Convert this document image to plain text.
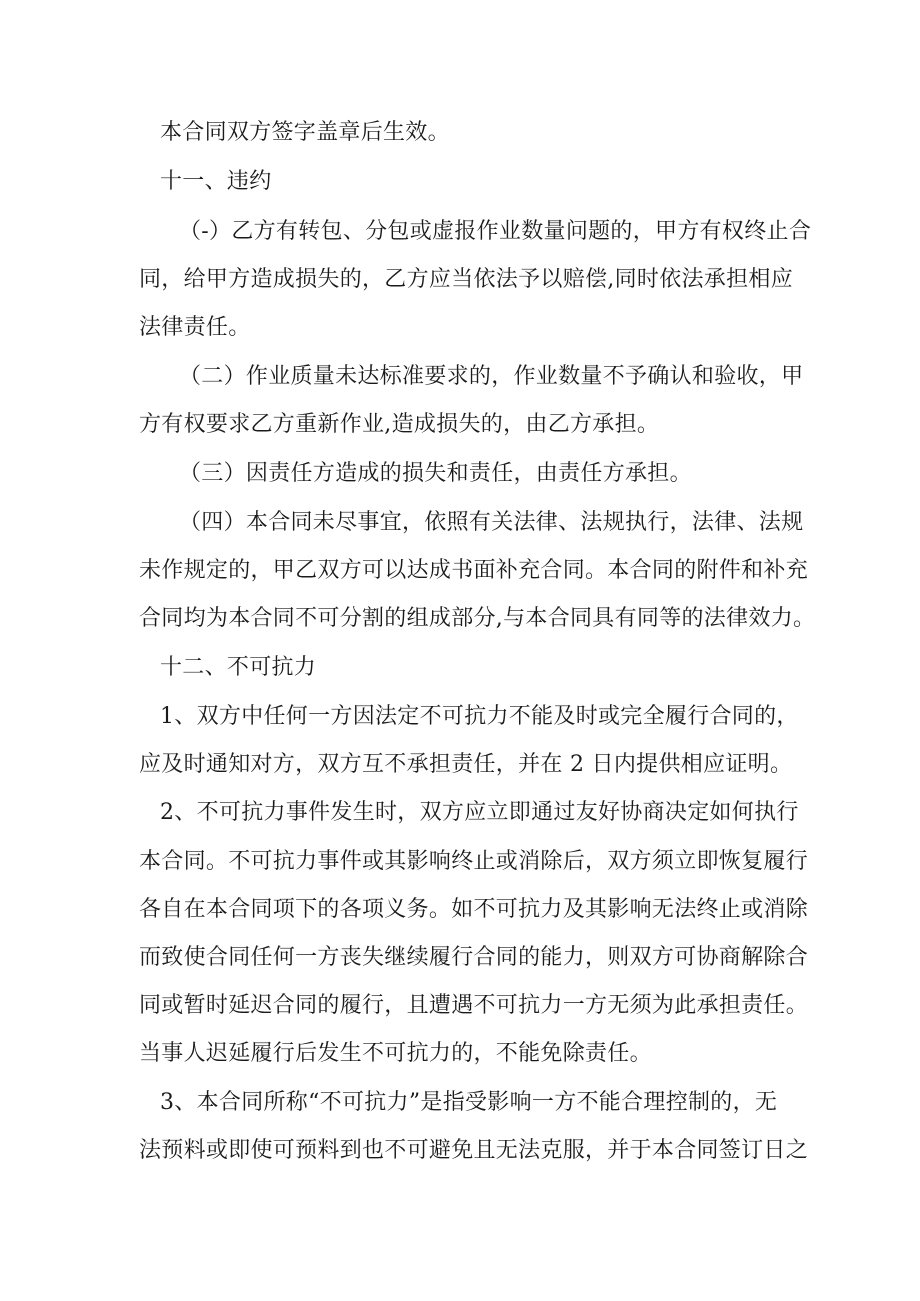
本合同双方签字盖章后生效。
十一、违约
（-）乙方有转包、分包或虚报作业数量问题的，甲方有权终止合
同，给甲方造成损失的，乙方应当依法予以赔偿,同时依法承担相应
法律责任。
（二）作业质量未达标准要求的，作业数量不予确认和验收，甲
方有权要求乙方重新作业,造成损失的，由乙方承担。
（三）因责任方造成的损失和责任，由责任方承担。
（四）本合同未尽事宜，依照有关法律、法规执行，法律、法规
未作规定的，甲乙双方可以达成书面补充合同。本合同的附件和补充
合同均为本合同不可分割的组成部分,与本合同具有同等的法律效力。
十二、不可抗力
1、双方中任何一方因法定不可抗力不能及时或完全履行合同的，
应及时通知对方，双方互不承担责任，并在 2 日内提供相应证明。
2、不可抗力事件发生时，双方应立即通过友好协商决定如何执行
本合同。不可抗力事件或其影响终止或消除后，双方须立即恢复履行
各自在本合同项下的各项义务。如不可抗力及其影响无法终止或消除
而致使合同任何一方丧失继续履行合同的能力，则双方可协商解除合
同或暂时延迟合同的履行，且遭遇不可抗力一方无须为此承担责任。
当事人迟延履行后发生不可抗力的，不能免除责任。
3、本合同所称“不可抗力”是指受影响一方不能合理控制的，无
法预料或即使可预料到也不可避免且无法克服，并于本合同签订日之
